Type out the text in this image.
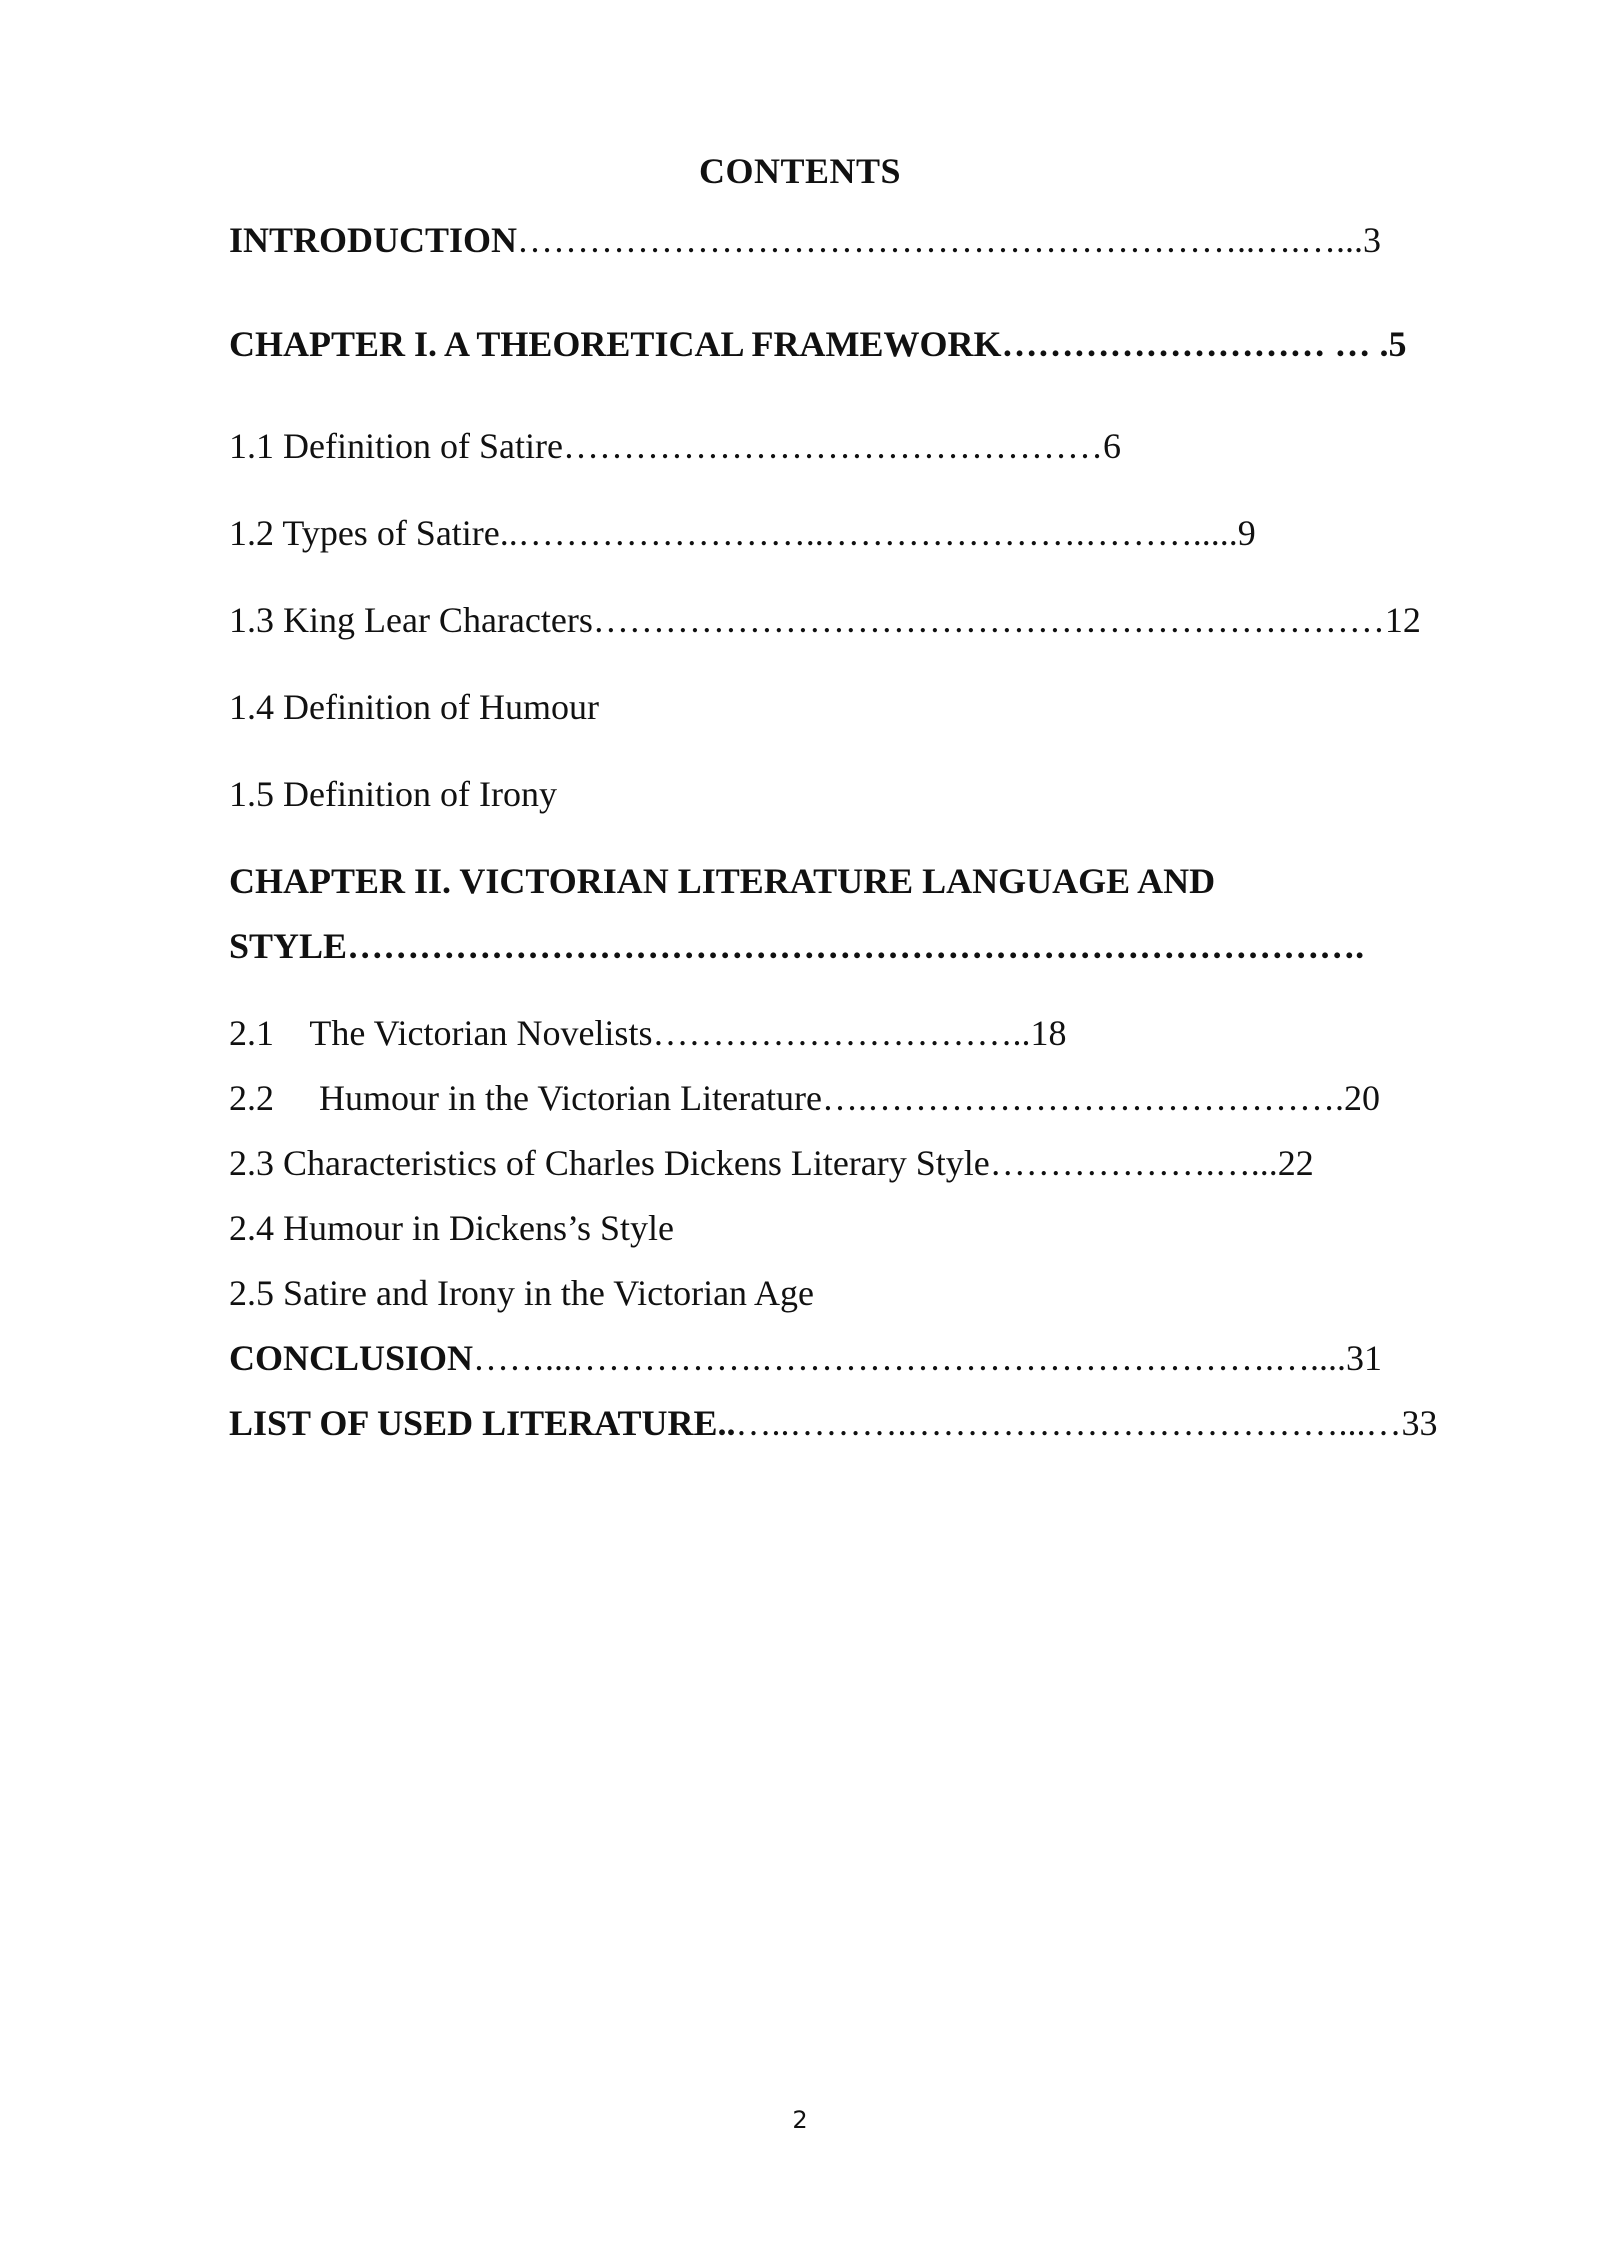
CONTENTS

INTRODUCTION……………………………………………………..….…...3

CHAPTER I. A THEORETICAL FRAMEWORK……………………… … .5

1.1 Definition of Satire………………………………………6

1.2 Types of Satire..……………………..………………….……….....9

1.3 King Lear Characters…………………………………………………………12

1.4 Definition of Humour

1.5 Definition of Irony

CHAPTER II. VICTORIAN LITERATURE LANGUAGE AND

STYLE………………………………………………………………………….

2.1    The Victorian Novelists…………………………..18

2.2     Humour in the Victorian Literature….………………………………….20

2.3 Characteristics of Charles Dickens Literary Style……………….…...22

2.4 Humour in Dickens’s Style

2.5 Satire and Irony in the Victorian Age

CONCLUSION……...…………….…………………………………….…....31

LIST OF USED LITERATURE..…..……….………………………………...…33

2
